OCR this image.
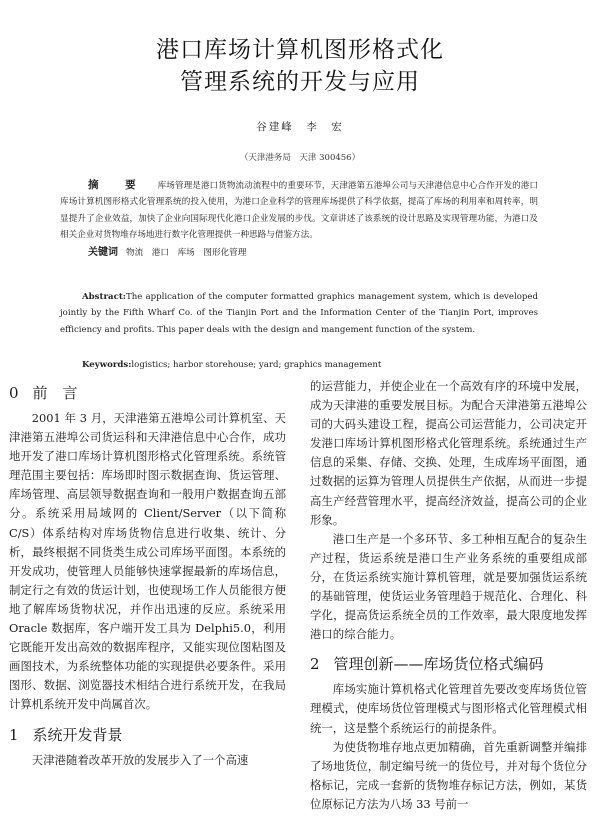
港口库场计算机图形格式化
管理系统的开发与应用
谷建峰　李　宏
（天津港务局　天津 300456）
摘　要 库场管理是港口货物流动流程中的重要环节，天津港第五港埠公司与天津港信息中心合作开发的港口库场计算机图形格式化管理系统的投入使用，为港口企业科学的管理库场提供了科学依据，提高了库场的利用率和周转率，明显提升了企业效益，加快了企业向国际现代化港口企业发展的步伐。文章讲述了该系统的设计思路及实现管理功能，为港口及相关企业对货物堆存场地进行数字化管理提供一种思路与借鉴方法。
关键词 物流　港口　库场　图形化管理
Abstract:The application of the computer formatted graphics management system, which is developed jointly by the Fifth Wharf Co. of the Tianjin Port and the Information Center of the Tianjin Port, improves efficiency and profits. This paper deals with the design and mangement function of the system.
Keywords:logistics; harbor storehouse; yard; graphics management
0 前　言

2001 年 3 月，天津港第五港埠公司计算机室、天津港第五港埠公司货运科和天津港信息中心合作，成功地开发了港口库场计算机图形格式化管理系统。系统管理范围主要包括：库场即时图示数据查询、货运管理、库场管理、高层领导数据查询和一般用户数据查询五部分。系统采用局域网的 Client/Server（以下简称 C/S）体系结构对库场货物信息进行收集、统计、分析，最终根据不同货类生成公司库场平面图。本系统的开发成功，使管理人员能够快速掌握最新的库场信息，制定行之有效的货运计划，也使现场工作人员能很方便地了解库场货物状况，并作出迅速的反应。系统采用 Oracle 数据库，客户端开发工具为 Delphi5.0，利用它既能开发出高效的数据库程序，又能实现位图粘图及画图技术，为系统整体功能的实现提供必要条件。采用图形、数据、浏览器技术相结合进行系统开发，在我局计算机系统开发中尚属首次。

1 系统开发背景

天津港随着改革开放的发展步入了一个高速

的运营能力，并使企业在一个高效有序的环境中发展，成为天津港的重要发展目标。为配合天津港第五港埠公司的大码头建设工程，提高公司运营能力，公司决定开发港口库场计算机图形格式化管理系统。系统通过生产信息的采集、存储、交换、处理，生成库场平面图，通过数据的运算为管理人员提供生产依据，从而进一步提高生产经营管理水平，提高经济效益，提高公司的企业形象。

港口生产是一个多环节、多工种相互配合的复杂生产过程，货运系统是港口生产业务系统的重要组成部分，在货运系统实施计算机管理，就是要加强货运系统的基础管理，使货运业务管理趋于规范化、合理化、科学化，提高货运系统全员的工作效率，最大限度地发挥港口的综合能力。

2 管理创新——库场货位格式编码

库场实施计算机格式化管理首先要改变库场货位管理模式，使库场货位管理模式与图形格式化管理模式相统一，这是整个系统运行的前提条件。

为使货物堆存地点更加精确，首先重新调整并编排了场地货位，制定编号统一的货位号，并对每个货位分格标记，完成一套新的货物堆存标记方法，例如，某货位原标记方法为八场 33 号前一
